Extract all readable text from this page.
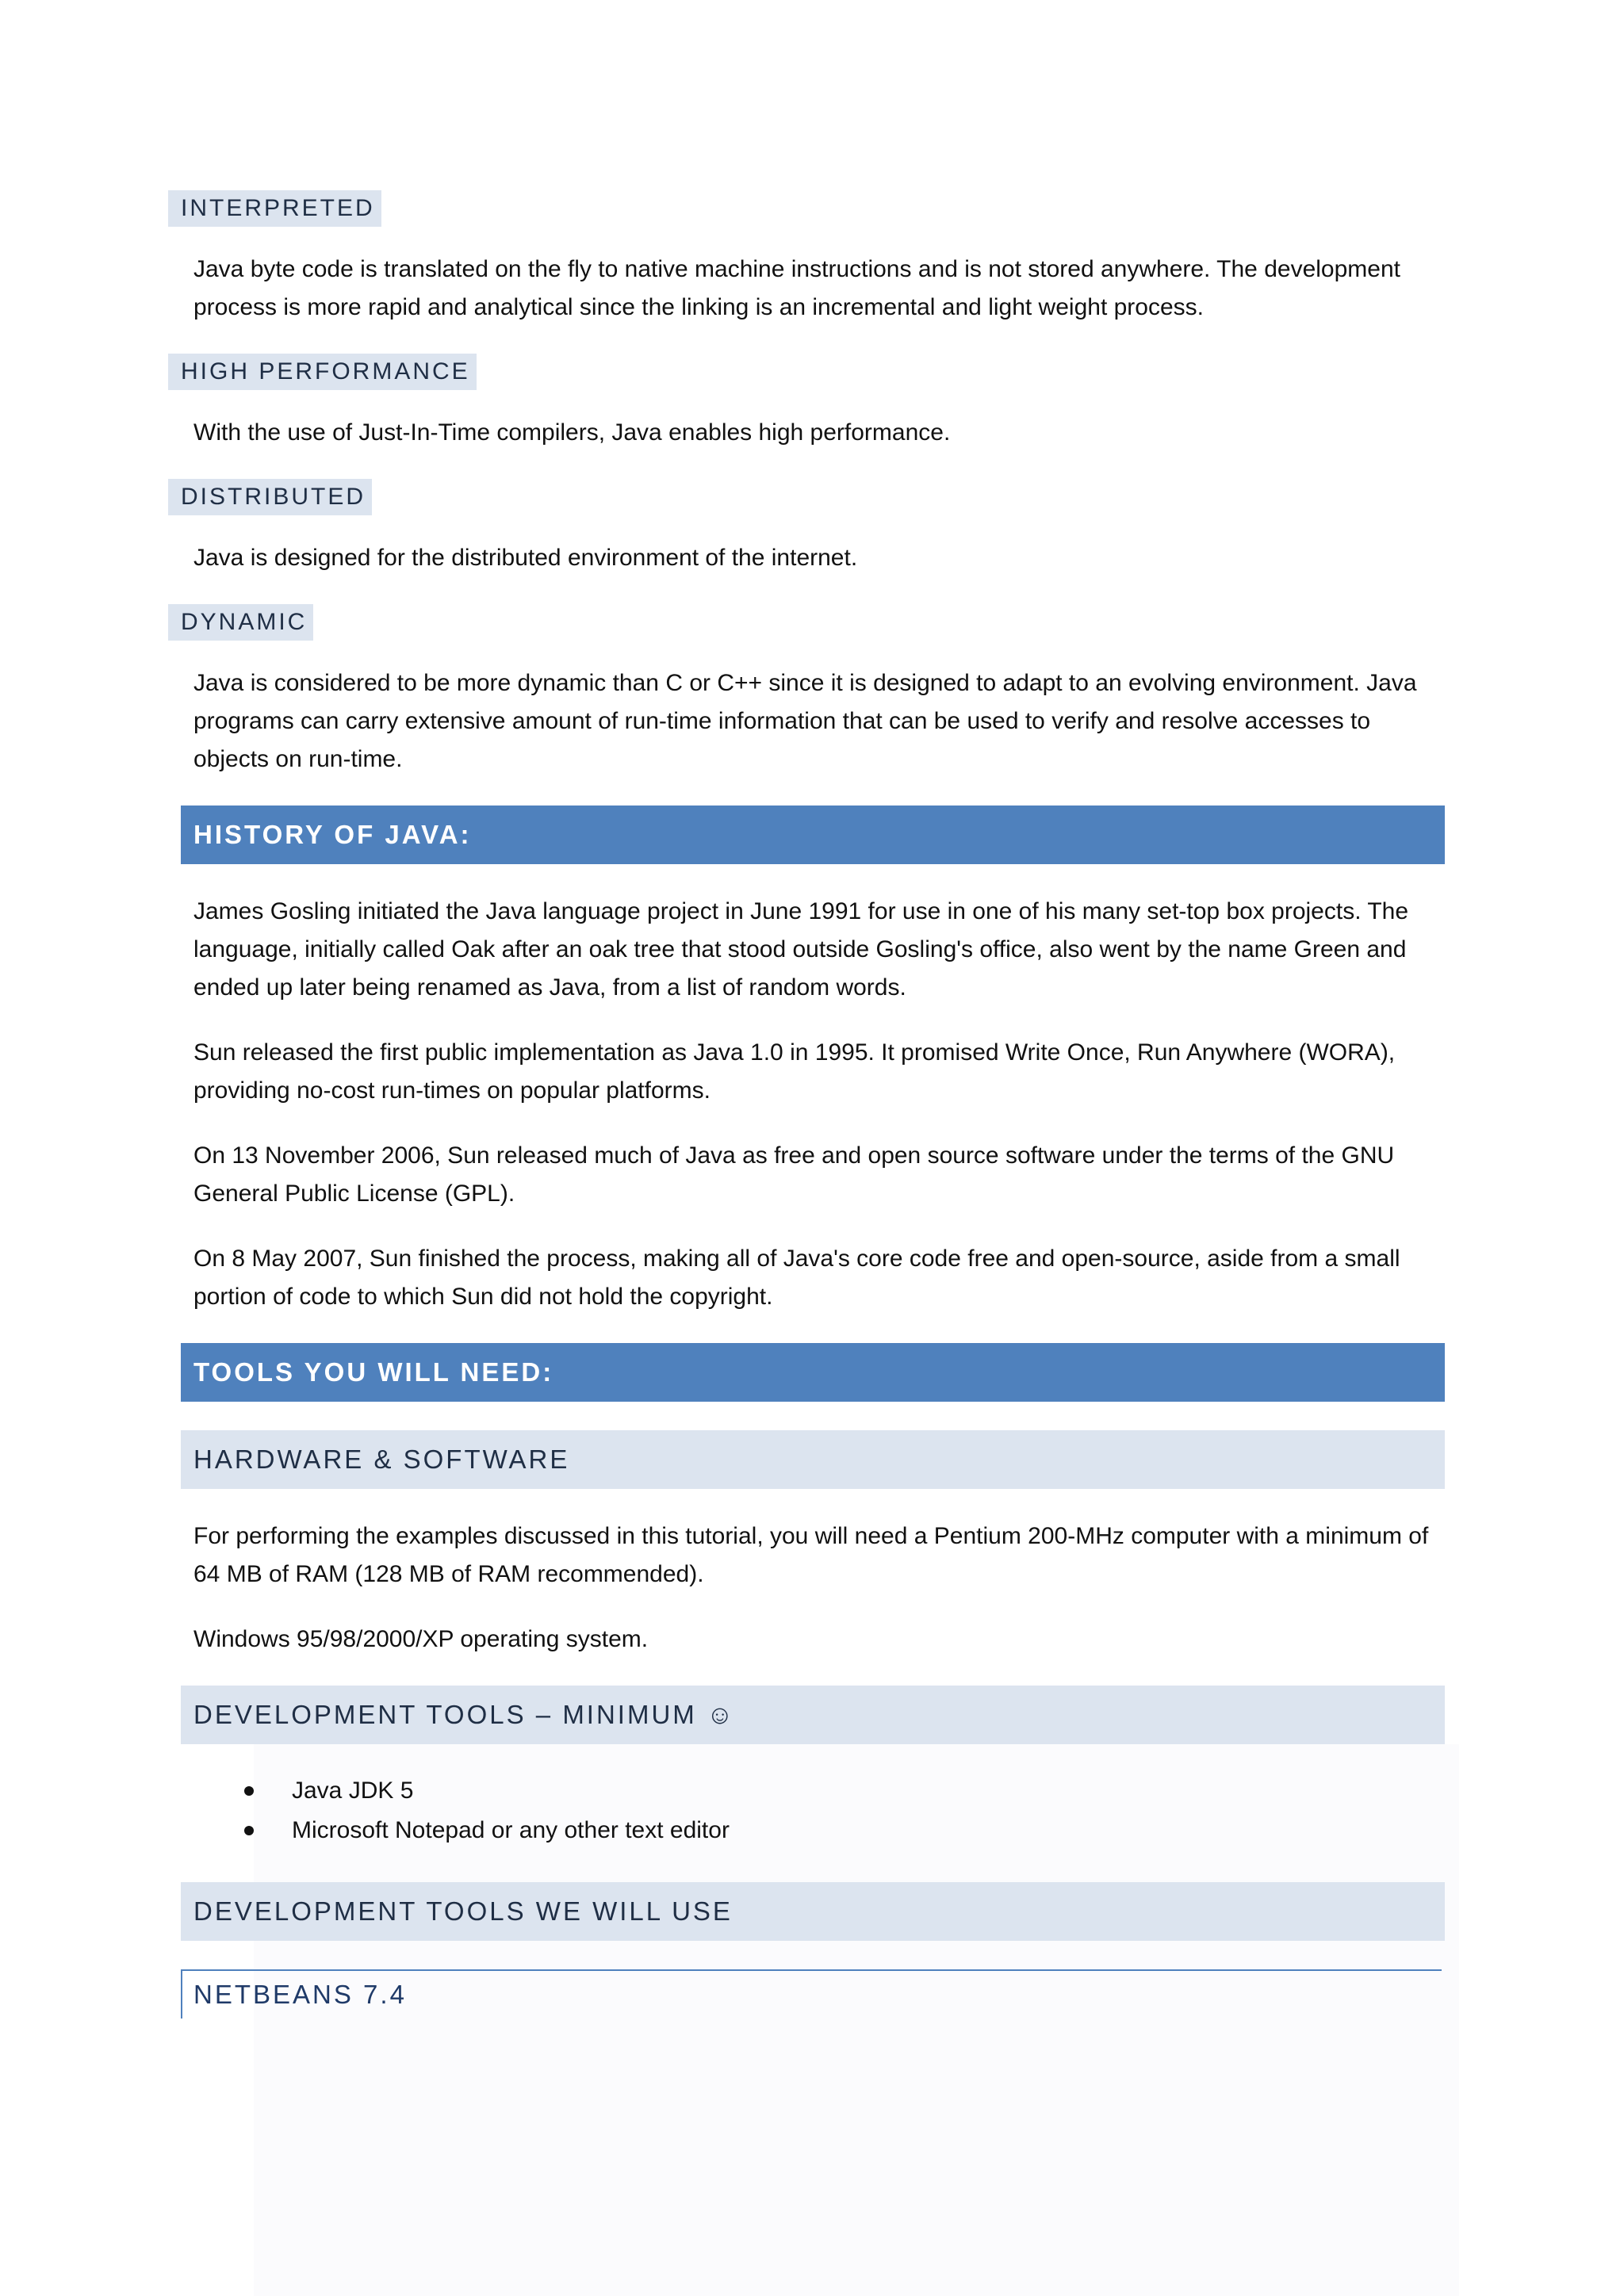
INTERPRETED

Java byte code is translated on the fly to native machine instructions and is not stored anywhere. The development process is more rapid and analytical since the linking is an incremental and light weight process.

HIGH PERFORMANCE

With the use of Just-In-Time compilers, Java enables high performance.

DISTRIBUTED

Java is designed for the distributed environment of the internet.

DYNAMIC

Java is considered to be more dynamic than C or C++ since it is designed to adapt to an evolving environment. Java programs can carry extensive amount of run-time information that can be used to verify and resolve accesses to objects on run-time.

HISTORY OF JAVA:

James Gosling initiated the Java language project in June 1991 for use in one of his many set-top box projects. The language, initially called Oak after an oak tree that stood outside Gosling's office, also went by the name Green and ended up later being renamed as Java, from a list of random words.

Sun released the first public implementation as Java 1.0 in 1995. It promised Write Once, Run Anywhere (WORA), providing no-cost run-times on popular platforms.

On 13 November 2006, Sun released much of Java as free and open source software under the terms of the GNU General Public License (GPL).

On 8 May 2007, Sun finished the process, making all of Java's core code free and open-source, aside from a small portion of code to which Sun did not hold the copyright.

TOOLS YOU WILL NEED:
HARDWARE & SOFTWARE

For performing the examples discussed in this tutorial, you will need a Pentium 200-MHz computer with a minimum of 64 MB of RAM (128 MB of RAM recommended).

Windows 95/98/2000/XP operating system.

DEVELOPMENT TOOLS – MINIMUM ☺
Java JDK 5
Microsoft Notepad or any other text editor
DEVELOPMENT TOOLS WE WILL USE
NETBEANS 7.4
